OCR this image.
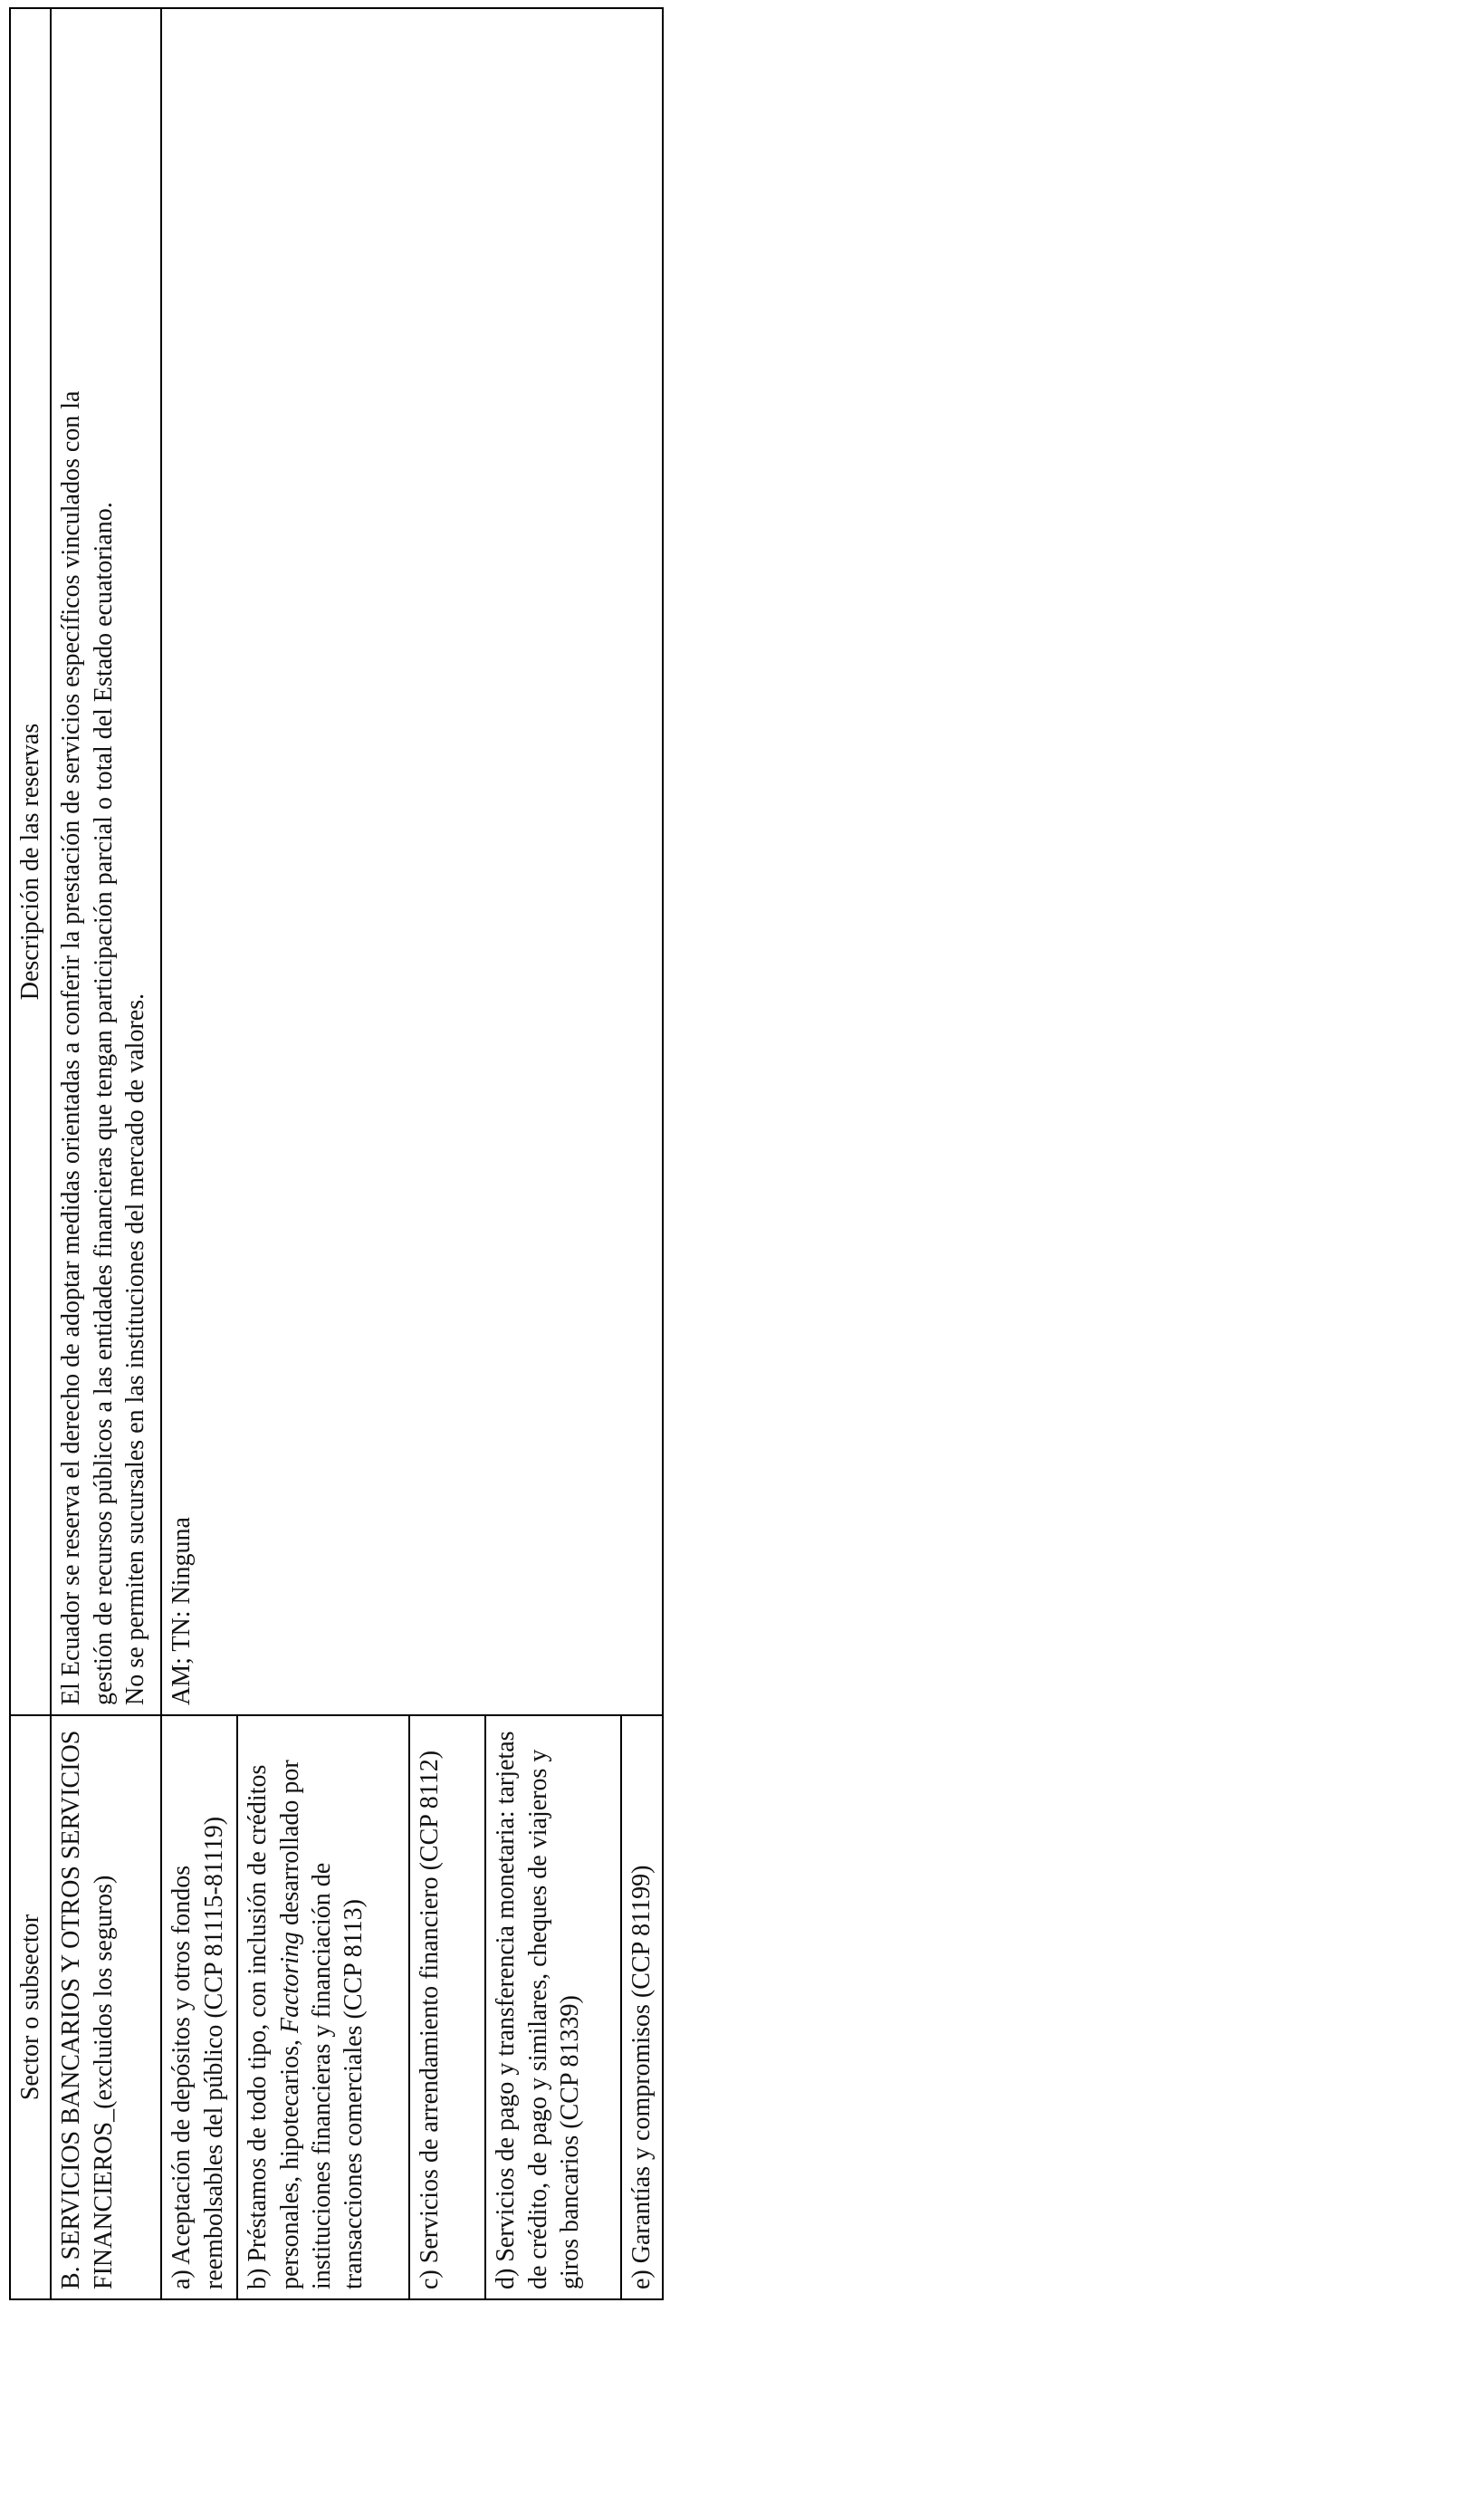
Sector o subsector	Descripción de las reservas
B. SERVICIOS BANCARIOS Y OTROS SERVICIOS FINANCIEROS_(excluidos los seguros)	El Ecuador se reserva el derecho de adoptar medidas orientadas a conferir la prestación de servicios específicos vinculados con la gestión de recursos públicos a las entidades financieras que tengan participación parcial o total del Estado ecuatoriano. No se permiten sucursales en las instituciones del mercado de valores.

a) Aceptación de depósitos y otros fondos reembolsables del público (CCP 81115-81119)	AM; TN: Ninguna
b) Préstamos de todo tipo, con inclusión de créditos personales, hipotecarios, Factoring desarrollado por instituciones financieras y financiación de transacciones comerciales (CCP 8113)	
c) Servicios de arrendamiento financiero (CCP 8112)	
d) Servicios de pago y transferencia monetaria: tarjetas de crédito, de pago y similares, cheques de viajeros y giros bancarios (CCP 81339)	
e) Garantías y compromisos (CCP 81199)	
